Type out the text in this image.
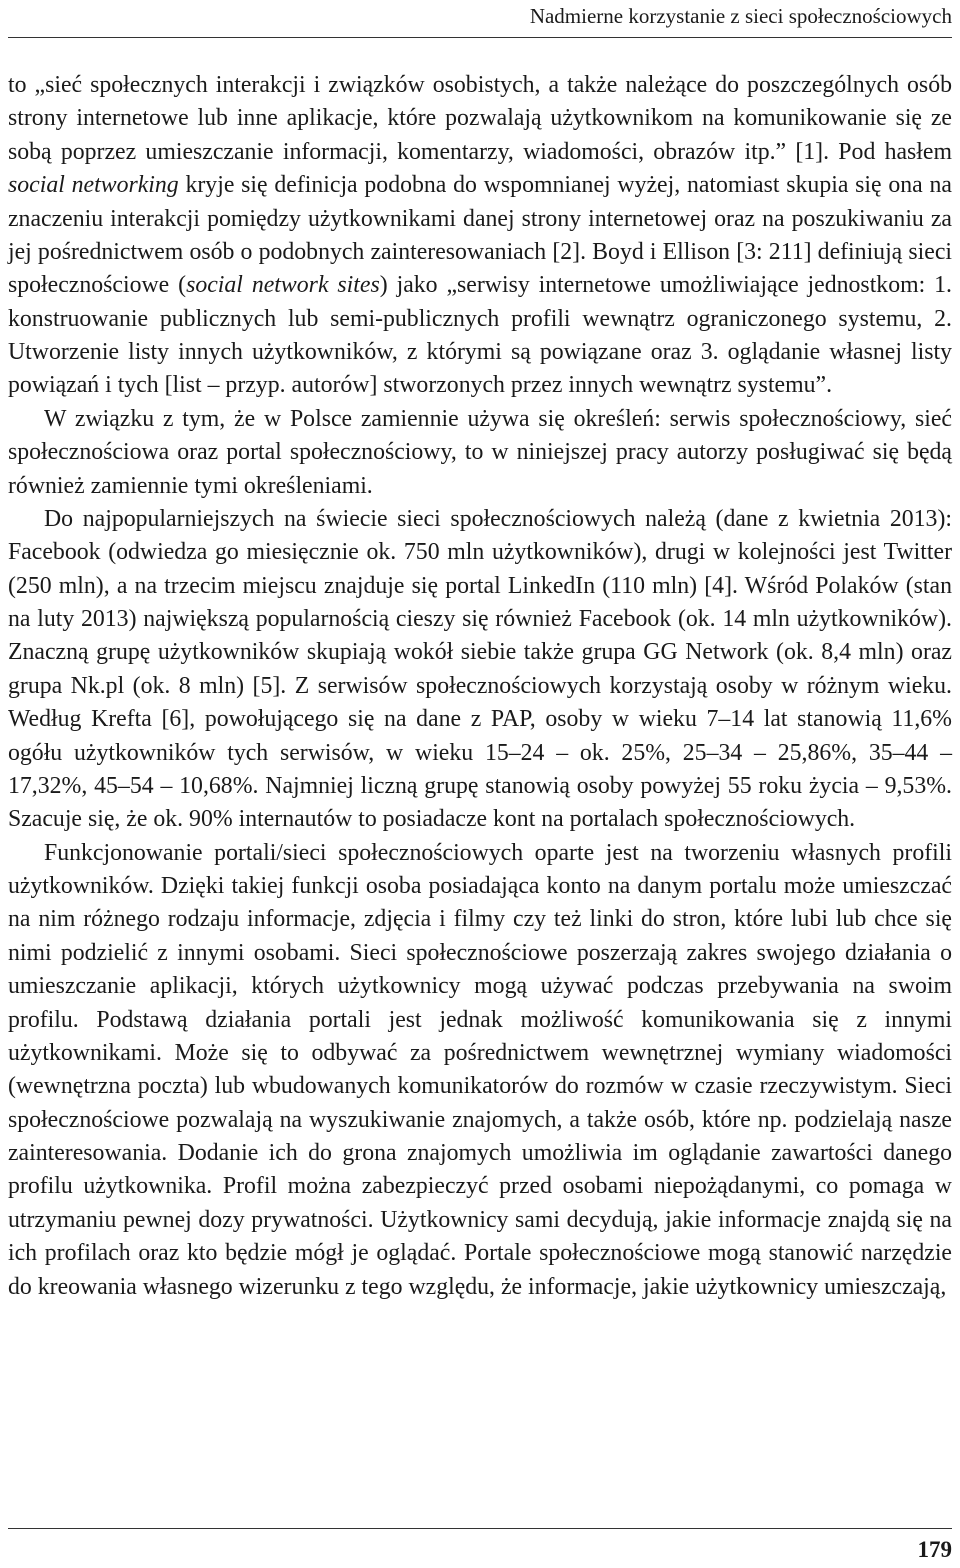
Nadmierne korzystanie z sieci społecznościowych

to „sieć społecznych interakcji i związków osobistych, a także należące do poszczególnych osób strony internetowe lub inne aplikacje, które pozwalają użytkownikom na komunikowanie się ze sobą poprzez umieszczanie informacji, komentarzy, wiadomości, obrazów itp.” [1]. Pod hasłem social networking kryje się definicja podobna do wspomnianej wyżej, natomiast skupia się ona na znaczeniu interakcji pomiędzy użytkownikami danej strony internetowej oraz na poszukiwaniu za jej pośrednictwem osób o podobnych zainteresowaniach [2]. Boyd i Ellison [3: 211] definiują sieci społecznościowe (social network sites) jako „serwisy internetowe umożliwiające jednostkom: 1. konstruowanie publicznych lub semi-publicznych profili wewnątrz ograniczonego systemu, 2. Utworzenie listy innych użytkowników, z którymi są powiązane oraz 3. oglądanie własnej listy powiązań i tych [list – przyp. autorów] stworzonych przez innych wewnątrz systemu”.

W związku z tym, że w Polsce zamiennie używa się określeń: serwis społecznościowy, sieć społecznościowa oraz portal społecznościowy, to w niniejszej pracy autorzy posługiwać się będą również zamiennie tymi określeniami.

Do najpopularniejszych na świecie sieci społecznościowych należą (dane z kwietnia 2013): Facebook (odwiedza go miesięcznie ok. 750 mln użytkowników), drugi w kolejności jest Twitter (250 mln), a na trzecim miejscu znajduje się portal LinkedIn (110 mln) [4]. Wśród Polaków (stan na luty 2013) największą popularnością cieszy się również Facebook (ok. 14 mln użytkowników). Znaczną grupę użytkowników skupiają wokół siebie także grupa GG Network (ok. 8,4 mln) oraz grupa Nk.pl (ok. 8 mln) [5]. Z serwisów społecznościowych korzystają osoby w różnym wieku. Według Krefta [6], powołującego się na dane z PAP, osoby w wieku 7–14 lat stanowią 11,6% ogółu użytkowników tych serwisów, w wieku 15–24 – ok. 25%, 25–34 – 25,86%, 35–44 – 17,32%, 45–54 – 10,68%. Najmniej liczną grupę stanowią osoby powyżej 55 roku życia – 9,53%. Szacuje się, że ok. 90% internautów to posiadacze kont na portalach społecznościowych.

Funkcjonowanie portali/sieci społecznościowych oparte jest na tworzeniu własnych profili użytkowników. Dzięki takiej funkcji osoba posiadająca konto na danym portalu może umieszczać na nim różnego rodzaju informacje, zdjęcia i filmy czy też linki do stron, które lubi lub chce się nimi podzielić z innymi osobami. Sieci społecznościowe poszerzają zakres swojego działania o umieszczanie aplikacji, których użytkownicy mogą używać podczas przebywania na swoim profilu. Podstawą działania portali jest jednak możliwość komunikowania się z innymi użytkownikami. Może się to odbywać za pośrednictwem wewnętrznej wymiany wiadomości (wewnętrzna poczta) lub wbudowanych komunikatorów do rozmów w czasie rzeczywistym. Sieci społecznościowe pozwalają na wyszukiwanie znajomych, a także osób, które np. podzielają nasze zainteresowania. Dodanie ich do grona znajomych umożliwia im oglądanie zawartości danego profilu użytkownika. Profil można zabezpieczyć przed osobami niepożądanymi, co pomaga w utrzymaniu pewnej dozy prywatności. Użytkownicy sami decydują, jakie informacje znajdą się na ich profilach oraz kto będzie mógł je oglądać. Portale społecznościowe mogą stanowić narzędzie do kreowania własnego wizerunku z tego względu, że informacje, jakie użytkownicy umieszczają,

179
